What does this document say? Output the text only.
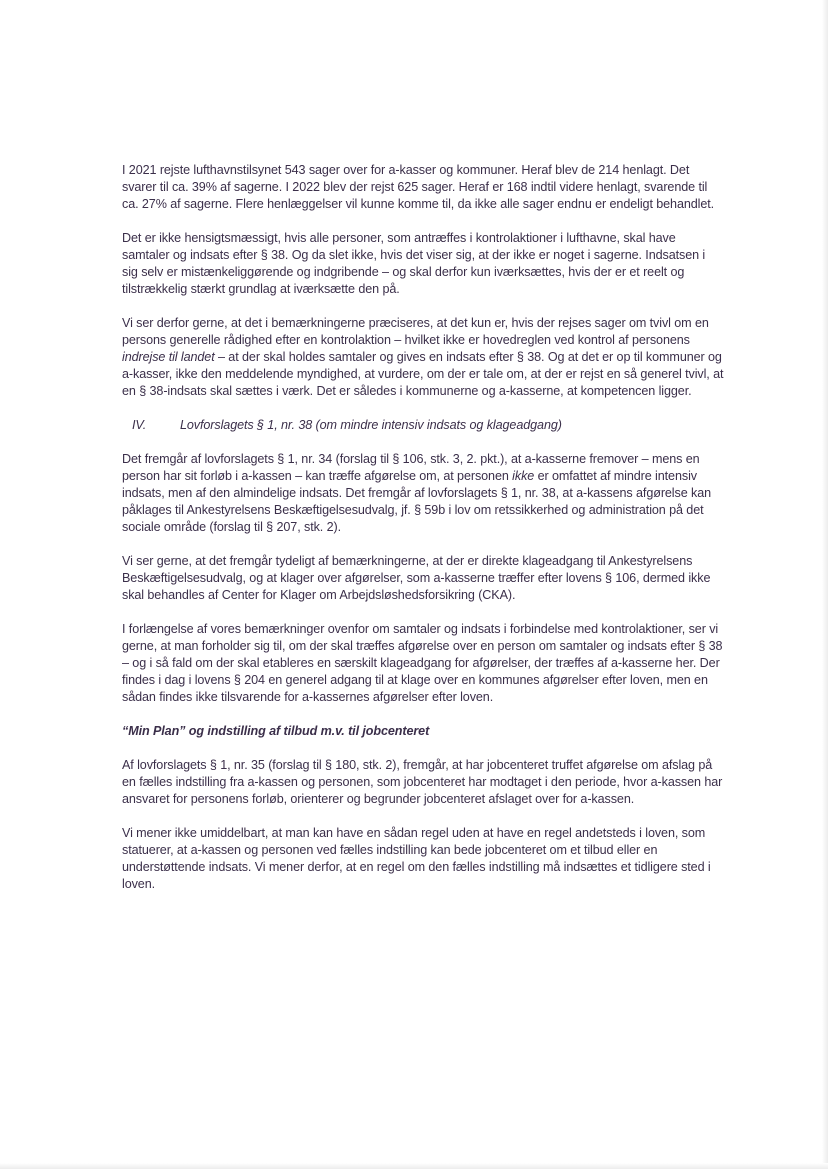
I 2021 rejste lufthavnstilsynet 543 sager over for a-kasser og kommuner. Heraf blev de 214 henlagt. Det svarer til ca. 39% af sagerne. I 2022 blev der rejst 625 sager. Heraf er 168 indtil videre henlagt, svarende til ca. 27% af sagerne. Flere henlæggelser vil kunne komme til, da ikke alle sager endnu er endeligt behandlet.

Det er ikke hensigtsmæssigt, hvis alle personer, som antræffes i kontrolaktioner i lufthavne, skal have samtaler og indsats efter § 38. Og da slet ikke, hvis det viser sig, at der ikke er noget i sagerne. Indsatsen i sig selv er mistænkeliggørende og indgribende – og skal derfor kun iværksættes, hvis der er et reelt og tilstrækkelig stærkt grundlag at iværksætte den på.

Vi ser derfor gerne, at det i bemærkningerne præciseres, at det kun er, hvis der rejses sager om tvivl om en persons generelle rådighed efter en kontrolaktion – hvilket ikke er hovedreglen ved kontrol af personens indrejse til landet – at der skal holdes samtaler og gives en indsats efter § 38. Og at det er op til kommuner og a-kasser, ikke den meddelende myndighed, at vurdere, om der er tale om, at der er rejst en så generel tvivl, at en § 38-indsats skal sættes i værk. Det er således i kommunerne og a-kasserne, at kompetencen ligger.

IV.	Lovforslagets § 1, nr. 38 (om mindre intensiv indsats og klageadgang)

Det fremgår af lovforslagets § 1, nr. 34 (forslag til § 106, stk. 3, 2. pkt.), at a-kasserne fremover – mens en person har sit forløb i a-kassen – kan træffe afgørelse om, at personen ikke er omfattet af mindre intensiv indsats, men af den almindelige indsats. Det fremgår af lovforslagets § 1, nr. 38, at a-kassens afgørelse kan påklages til Ankestyrelsens Beskæftigelsesudvalg, jf. § 59b i lov om retssikkerhed og administration på det sociale område (forslag til § 207, stk. 2).

Vi ser gerne, at det fremgår tydeligt af bemærkningerne, at der er direkte klageadgang til Ankestyrelsens Beskæftigelsesudvalg, og at klager over afgørelser, som a-kasserne træffer efter lovens § 106, dermed ikke skal behandles af Center for Klager om Arbejdsløshedsforsikring (CKA).

I forlængelse af vores bemærkninger ovenfor om samtaler og indsats i forbindelse med kontrolaktioner, ser vi gerne, at man forholder sig til, om der skal træffes afgørelse over en person om samtaler og indsats efter § 38 – og i så fald om der skal etableres en særskilt klageadgang for afgørelser, der træffes af a-kasserne her. Der findes i dag i lovens § 204 en generel adgang til at klage over en kommunes afgørelser efter loven, men en sådan findes ikke tilsvarende for a-kassernes afgørelser efter loven.

“Min Plan” og indstilling af tilbud m.v. til jobcenteret

Af lovforslagets § 1, nr. 35 (forslag til § 180, stk. 2), fremgår, at har jobcenteret truffet afgørelse om afslag på en fælles indstilling fra a-kassen og personen, som jobcenteret har modtaget i den periode, hvor a-kassen har ansvaret for personens forløb, orienterer og begrunder jobcenteret afslaget over for a-kassen.

Vi mener ikke umiddelbart, at man kan have en sådan regel uden at have en regel andetsteds i loven, som statuerer, at a-kassen og personen ved fælles indstilling kan bede jobcenteret om et tilbud eller en understøttende indsats. Vi mener derfor, at en regel om den fælles indstilling må indsættes et tidligere sted i loven.
